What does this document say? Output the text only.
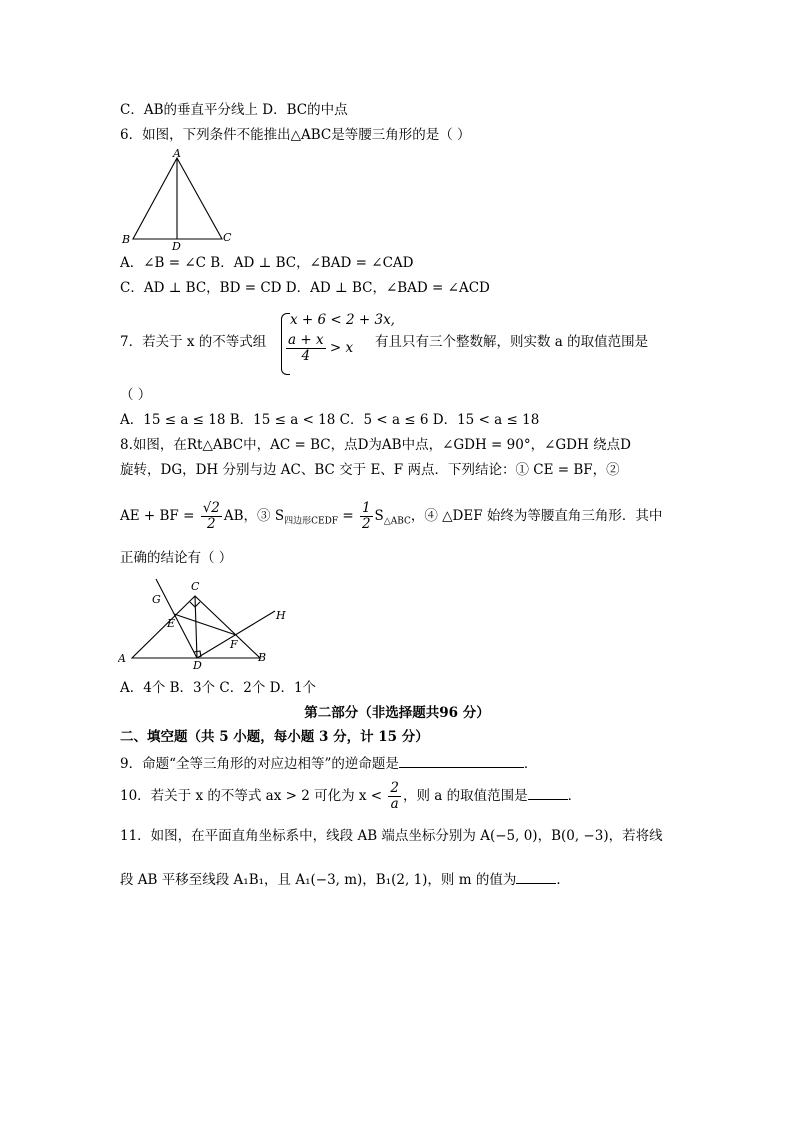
C．AB的垂直平分线上 D．BC的中点
6．如图，下列条件不能推出△ABC是等腰三角形的是（ ）
A
B	C
D
A．∠B = ∠C B．AD ⊥ BC，∠BAD = ∠CAD
C．AD ⊥ BC，BD = CD D．AD ⊥ BC，∠BAD = ∠ACD
7．若关于 x 的不等式组
x + 6 < 2 + 3x,
$\frac{a + x}{4} > x$ 有且只有三个整数解，则实数 a 的取值范围是
（ ）
A．15 ≤ a ≤ 18 B．15 ≤ a < 18 C．5 < a ≤ 6 D．15 < a ≤ 18
8.如图，在Rt△ABC中，AC = BC，点D为AB中点，∠GDH = 90°，∠GDH 绕点D
旋转，DG，DH 分别与边 AC、BC 交于 E、F 两点．下列结论：① CE = BF，②
AE + BF = $\frac{√2}{2}$ AB，③ $S_{四边形CEDF} = \frac{1}{2} S_{\triangle ABC}$，④ △DEF 始终为等腰直角三角形．其中
正确的结论有（ ）
A	B
C
D
E
F
G
H
A．4个 B．3个 C．2个 D．1个
第二部分（非选择题共96 分）
二、填空题（共 5 小题，每小题 3 分，计 15 分）
9．命题“全等三角形的对应边相等”的逆命题是	．
10．若关于 x 的不等式 ax > 2 可化为 $x < \frac{2}{a}$ ，则 a 的取值范围是	．
11．如图，在平面直角坐标系中，线段 AB 端点坐标分别为 A(−5, 0)，B(0, −3)，若将线
段 AB 平移至线段 A₁B₁，且 A₁(−3, m)，B₁(2, 1)，则 m 的值为	．
